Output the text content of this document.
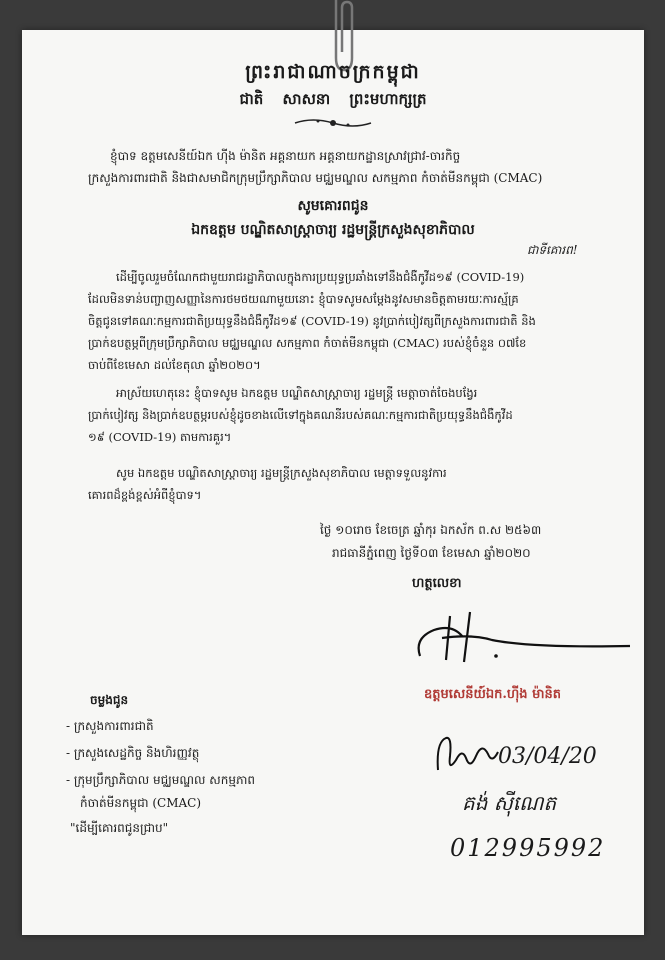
ព្រះរាជាណាចក្រកម្ពុជា
ជាតិ សាសនា ព្រះមហាក្សត្រ
ខ្ញុំបាទ ឧត្តមសេនីយ៍ឯក ហ៊ីង ម៉ានិត អគ្គនាយក អគ្គនាយកដ្ឋានស្រាវជ្រាវ-ចារកិច្ច
ក្រសួងការពារជាតិ និងជាសមាជិកក្រុមប្រឹក្សាភិបាល មជ្ឈមណ្ឌល សកម្មភាព កំចាត់មីនកម្ពុជា (CMAC)
សូមគោរពជូន
ឯកឧត្តម បណ្ឌិតសាស្ត្រាចារ្យ រដ្ឋមន្ត្រីក្រសួងសុខាភិបាល
ជាទីគោរព!
ដើម្បីចូលរួមចំណែកជាមួយរាជរដ្ឋាភិបាលក្នុងការប្រយុទ្ធប្រឆាំងទៅនឹងជំងឺកូវីដ១៩ (COVID-19)
ដែលមិនទាន់បញ្ចាញសញ្ញានៃការថមថយណាមួយនោះ ខ្ញុំបាទសូមសម្តែងនូវសមានចិត្តតាមរយៈការស្ម័គ្រ
ចិត្តជូនទៅគណៈកម្មការជាតិប្រយុទ្ធនឹងជំងឺកូវីដ១៩ (COVID-19) នូវប្រាក់បៀវត្សពីក្រសួងការពារជាតិ និង
ប្រាក់ឧបត្ថម្ភពីក្រុមប្រឹក្សាភិបាល មជ្ឈមណ្ឌល សកម្មភាព កំចាត់មីនកម្ពុជា (CMAC) របស់ខ្ញុំចំនួន ០៧ខែ
ចាប់ពីខែមេសា ដល់ខែតុលា ឆ្នាំ២០២០។
អាស្រ័យហេតុនេះ ខ្ញុំបាទសូម ឯកឧត្តម បណ្ឌិតសាស្ត្រាចារ្យ រដ្ឋមន្ត្រី មេត្តាចាត់ចែងបង្វែរ
ប្រាក់បៀវត្ស និងប្រាក់ឧបត្ថម្ភរបស់ខ្ញុំដូចខាងលើទៅក្នុងគណនីរបស់គណៈកម្មការជាតិប្រយុទ្ធនឹងជំងឺកូវីដ
១៩ (COVID-19) តាមការគួរ។
សូម ឯកឧត្តម បណ្ឌិតសាស្ត្រាចារ្យ រដ្ឋមន្ត្រីក្រសួងសុខាភិបាល មេត្តាទទួលនូវការ
គោរពដ៏ខ្ពង់ខ្ពស់អំពីខ្ញុំបាទ។
ថ្ងៃ ១០រោច ខែចេត្រ ឆ្នាំកុរ ឯកស័ក ព.ស ២៥៦៣
រាជធានីភ្នំពេញ ថ្ងៃទី០៣ ខែមេសា ឆ្នាំ២០២០
ហត្ថលេខា
ឧត្តមសេនីយ៍ឯក.ហ៊ីង ម៉ានិត
ចម្លងជូន
- ក្រសួងការពារជាតិ
- ក្រសួងសេដ្ឋកិច្ច និងហិរញ្ញវត្ថុ
- ក្រុមប្រឹក្សាភិបាល មជ្ឈមណ្ឌល សកម្មភាព
កំចាត់មីនកម្ពុជា (CMAC)
"ដើម្បីគោរពជូនជ្រាប"
03/04/20
គង់ ស៊ីណេត
012995992
